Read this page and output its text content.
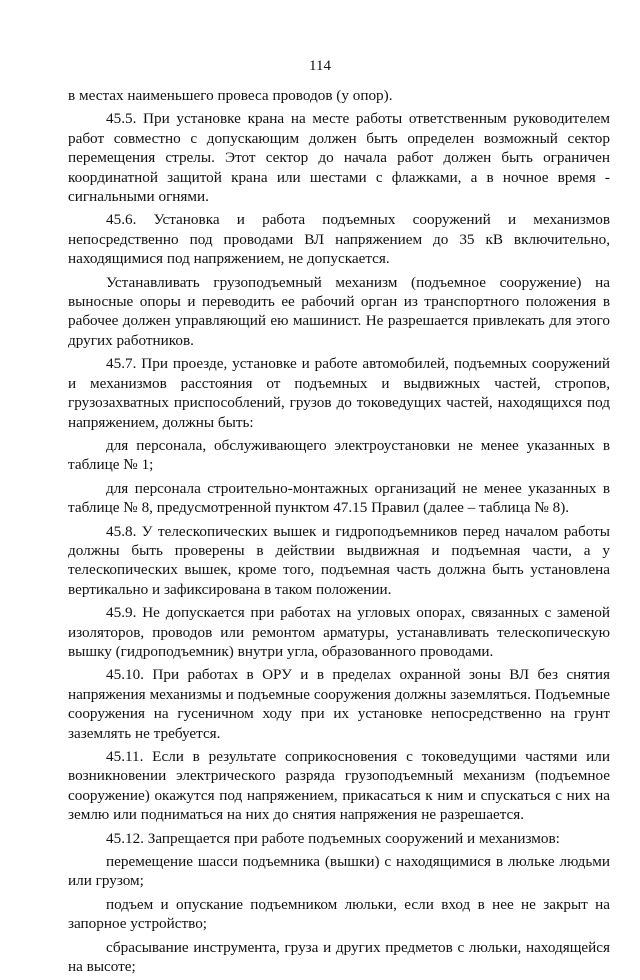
114

в местах наименьшего провеса проводов (у опор).

45.5. При установке крана на месте работы ответственным руководителем работ совместно с допускающим должен быть определен возможный сектор перемещения стрелы. Этот сектор до начала работ должен быть ограничен координатной защитой крана или шестами с флажками, а в ночное время - сигнальными огнями.

45.6. Установка и работа подъемных сооружений и механизмов непосредственно под проводами ВЛ напряжением до 35 кВ включительно, находящимися под напряжением, не допускается.

Устанавливать грузоподъемный механизм (подъемное сооружение) на выносные опоры и переводить ее рабочий орган из транспортного положения в рабочее должен управляющий ею машинист. Не разрешается привлекать для этого других работников.

45.7. При проезде, установке и работе автомобилей, подъемных сооружений и механизмов расстояния от подъемных и выдвижных частей, стропов, грузозахватных приспособлений, грузов до токоведущих частей, находящихся под напряжением, должны быть:

для персонала, обслуживающего электроустановки не менее указанных в таблице № 1;

для персонала строительно-монтажных организаций не менее указанных в таблице № 8, предусмотренной пунктом 47.15 Правил (далее – таблица № 8).

45.8. У телескопических вышек и гидроподъемников перед началом работы должны быть проверены в действии выдвижная и подъемная части, а у телескопических вышек, кроме того, подъемная часть должна быть установлена вертикально и зафиксирована в таком положении.

45.9. Не допускается при работах на угловых опорах, связанных с заменой изоляторов, проводов или ремонтом арматуры, устанавливать телескопическую вышку (гидроподъемник) внутри угла, образованного проводами.

45.10. При работах в ОРУ и в пределах охранной зоны ВЛ без снятия напряжения механизмы и подъемные сооружения должны заземляться. Подъемные сооружения на гусеничном ходу при их установке непосредственно на грунт заземлять не требуется.

45.11. Если в результате соприкосновения с токоведущими частями или возникновении электрического разряда грузоподъемный механизм (подъемное сооружение) окажутся под напряжением, прикасаться к ним и спускаться с них на землю или подниматься на них до снятия напряжения не разрешается.

45.12. Запрещается при работе подъемных сооружений и механизмов:

перемещение шасси подъемника (вышки) с находящимися в люльке людьми или грузом;

подъем и опускание подъемником люльки, если вход в нее не закрыт на запорное устройство;

сбрасывание инструмента, груза и других предметов с люльки, находящейся на высоте;
